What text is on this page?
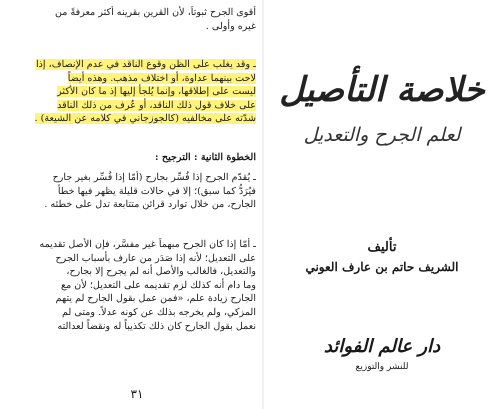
أقوى الجرح ثبوتاً، لأن القرين بقرينه أكثر معرفةً من
غيره وأولى .
ـ وقد يغلب على الظن وقوع الناقد في عدم الإنصاف، إذا
لاحت بينهما عداوة، أو اختلاف مذهب. وهذه أيضاً
ليست على إطلاقها، وإنما يُلجأ إليها إذ ما كان الأكثر
على خلاف قول ذلك الناقد، أو عُرف من ذلك الناقد
شدّته على مخالفيه (كالجوزجاني في كلامه عن الشيعة) .
الخطوة الثانية : الترجيح :
ـ يُقدّم الجرح إذا فُسِّر بجارح (أمّا إذا فُسِّر بغير جارح
فيُرَدُّ كما سبق)؛ إلا في حالات قليلة يظهر فيها خطأ
الجارح، من خلال توارد قرائن متتابعة تدل على خطئه .
ـ أمّا إذا كان الجرح مبهماً غير مفسَّر، فإن الأصل تقديمه
على التعديل؛ لأنه إذا صَدَر من عارف بأسباب الجرح
والتعديل، فالغالب والأصل أنه لم يجرح إلا بجارح،
وما دام أنه كذلك لزم تقديمه على التعديل؛ لأن مع
الجارح زيادة علم، «فمن عمل بقول الجارح لم يتهم
المزكي، ولم يخرجه بذلك عن كونه عدلاً. ومتى لم
نعمل بقول الجارح كان ذلك تكذيباً له ونقضاً لعدالته
٣١
خلاصة التأصيل
لعلم الجرح والتعديل
تأليف
الشريف حاتم بن عارف العوني
دار عالم الفوائد
للنشر والتوزيع
